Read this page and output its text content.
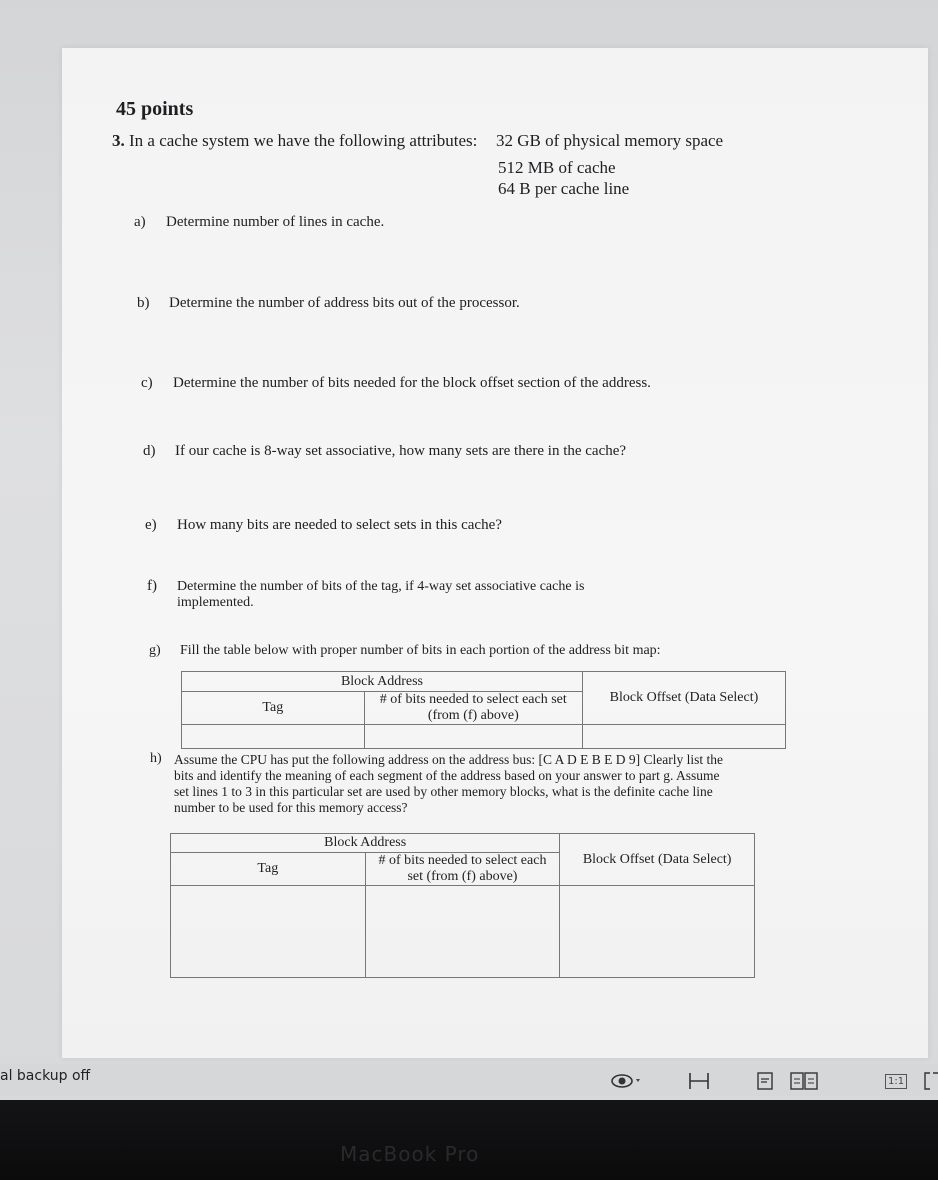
45 points
3. In a cache system we have the following attributes: 32 GB of physical memory space
512 MB of cache
64 B per cache line
a) Determine number of lines in cache.
b) Determine the number of address bits out of the processor.
c) Determine the number of bits needed for the block offset section of the address.
d) If our cache is 8-way set associative, how many sets are there in the cache?
e) How many bits are needed to select sets in this cache?
f) Determine the number of bits of the tag, if 4-way set associative cache is implemented.
g) Fill the table below with proper number of bits in each portion of the address bit map:
Block Address		Block Offset (Data Select)
Tag	# of bits needed to select each set (from (f) above)	

h) Assume the CPU has put the following address on the address bus: [C A D E B E D 9] Clearly list the bits and identify the meaning of each segment of the address based on your answer to part g. Assume set lines 1 to 3 in this particular set are used by other memory blocks, what is the definite cache line number to be used for this memory access?
Block Address		Block Offset (Data Select)
Tag	# of bits needed to select each set (from (f) above)	

al backup off	1:1
MacBook Pro
